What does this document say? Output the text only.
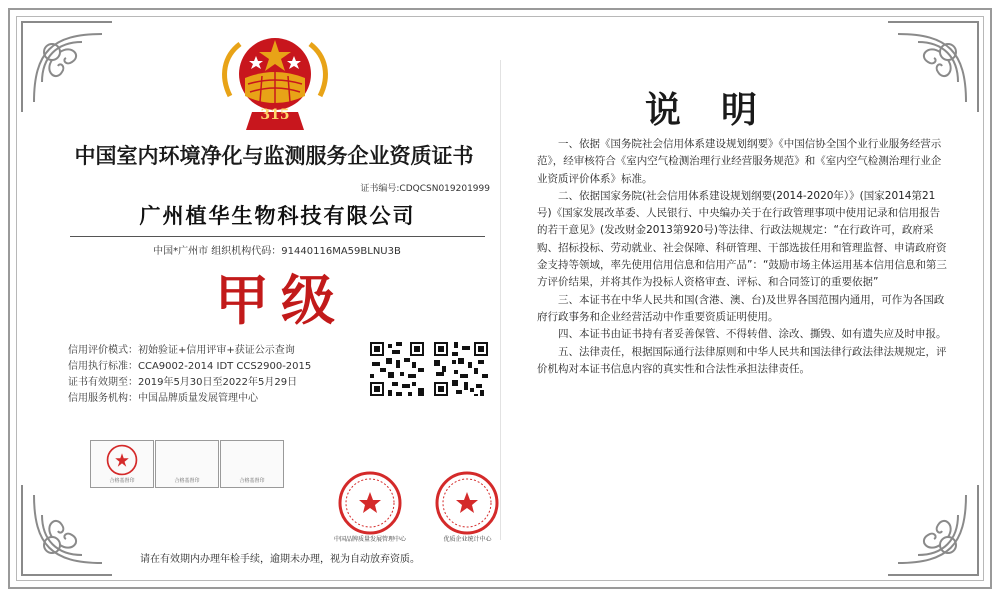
315
中国室内环境净化与监测服务企业资质证书
证书编号:CDQCSN019201999
广州植华生物科技有限公司
中国*广州市 组织机构代码：91440116MA59BLNU3B
甲级
信用评价模式：初始验证+信用评审+获证公示查询
信用执行标准：CCA9002-2014 IDT CCS2900-2015
证书有效期至：2019年5月30日至2022年5月29日
信用服务机构：中国品牌质量发展管理中心
合格基督印	合格基督印	合格基督印
中国品牌质量发展管理中心	优质企业统计中心
请在有效期内办理年检手续，逾期未办理，视为自动放弃资质。
说明

一、依据《国务院社会信用体系建设规划纲要》《中国信协全国个业行业服务经营示范》，经审核符合《室内空气检测治理行业经营服务规范》和《室内空气检测治理行业企业资质评价体系》标准。

二、依据国家务院(社会信用体系建设规划纲要(2014-2020年）》(国家2014第21号)《国家发展改革委、人民银行、中央编办关于在行政管理事项中使用记录和信用报告的若干意见》(发改财金2013第920号)等法律、行政法规规定：“在行政许可，政府采购、招标投标、劳动就业、社会保障、科研管理、干部选拔任用和管理监督、申请政府资金支持等领域，率先使用信用信息和信用产品”：“鼓励市场主体运用基本信用信息和第三方评价结果，并将其作为投标人资格审查、评标、和合同签订的重要依据”

三、本证书在中华人民共和国(含港、澳、台)及世界各国范围内通用，可作为各国政府行政事务和企业经营活动中作重要资质证明使用。

四、本证书由证书持有者妥善保管、不得转借、涂改、撕毁、如有遗失应及时申报。

五、法律责任，根据国际通行法律原则和中华人民共和国法律行政法律法规规定，评价机构对本证书信息内容的真实性和合法性承担法律责任。
